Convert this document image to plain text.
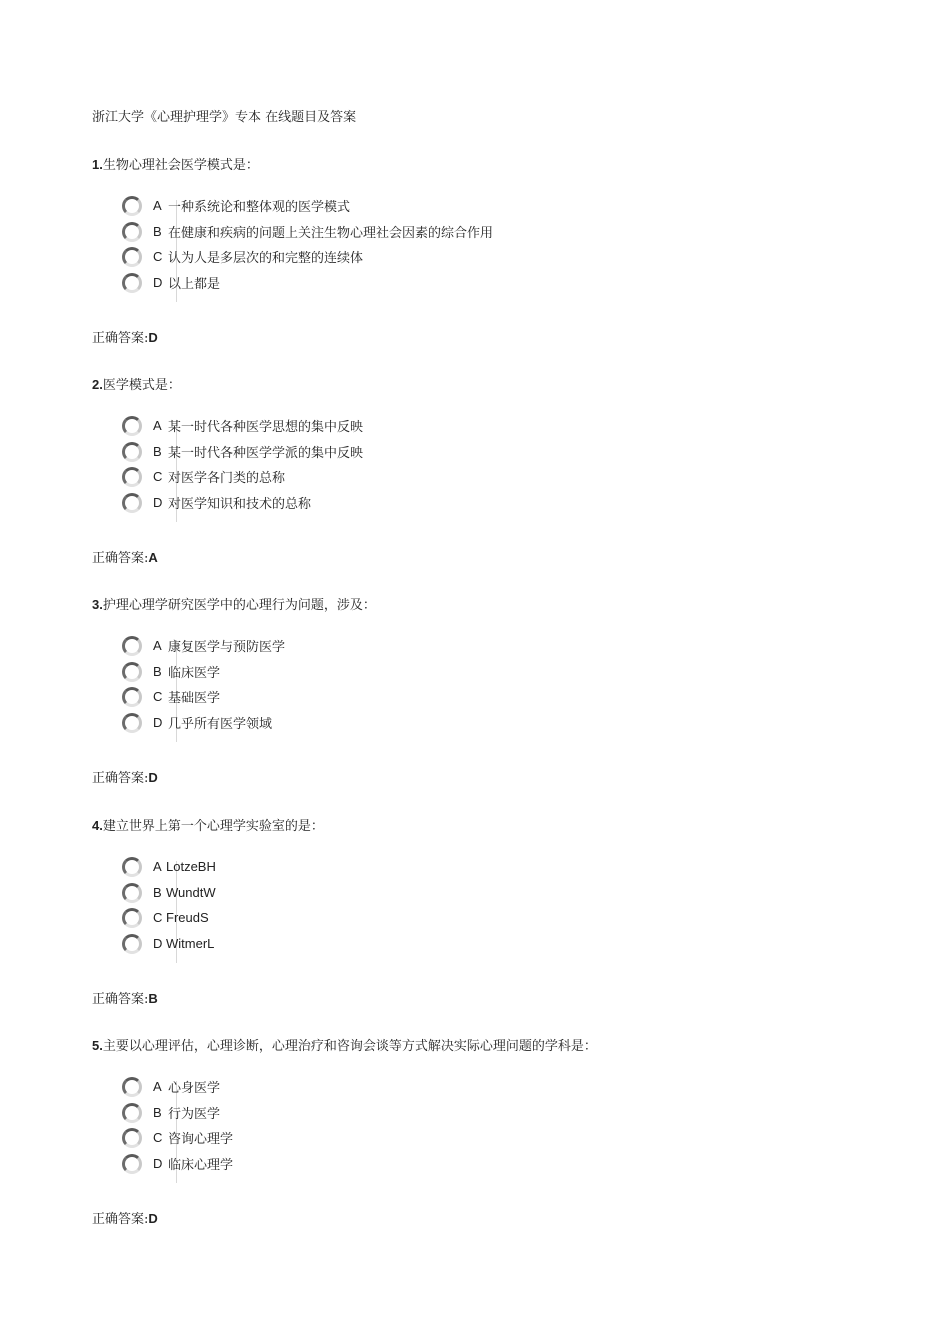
浙江大学《心理护理学》专本 在线题目及答案
1.生物心理社会医学模式是：
A 一种系统论和整体观的医学模式
B 在健康和疾病的问题上关注生物心理社会因素的综合作用
C 认为人是多层次的和完整的连续体
D 以上都是
正确答案:D
2.医学模式是：
A 某一时代各种医学思想的集中反映
B 某一时代各种医学学派的集中反映
C 对医学各门类的总称
D 对医学知识和技术的总称
正确答案:A
3.护理心理学研究医学中的心理行为问题，涉及：
A 康复医学与预防医学
B 临床医学
C 基础医学
D 几乎所有医学领域
正确答案:D
4.建立世界上第一个心理学实验室的是：
A LotzeBH
B WundtW
C FreudS
D WitmerL
正确答案:B
5.主要以心理评估，心理诊断，心理治疗和咨询会谈等方式解决实际心理问题的学科是：
A 心身医学
B 行为医学
C 咨询心理学
D 临床心理学
正确答案:D
